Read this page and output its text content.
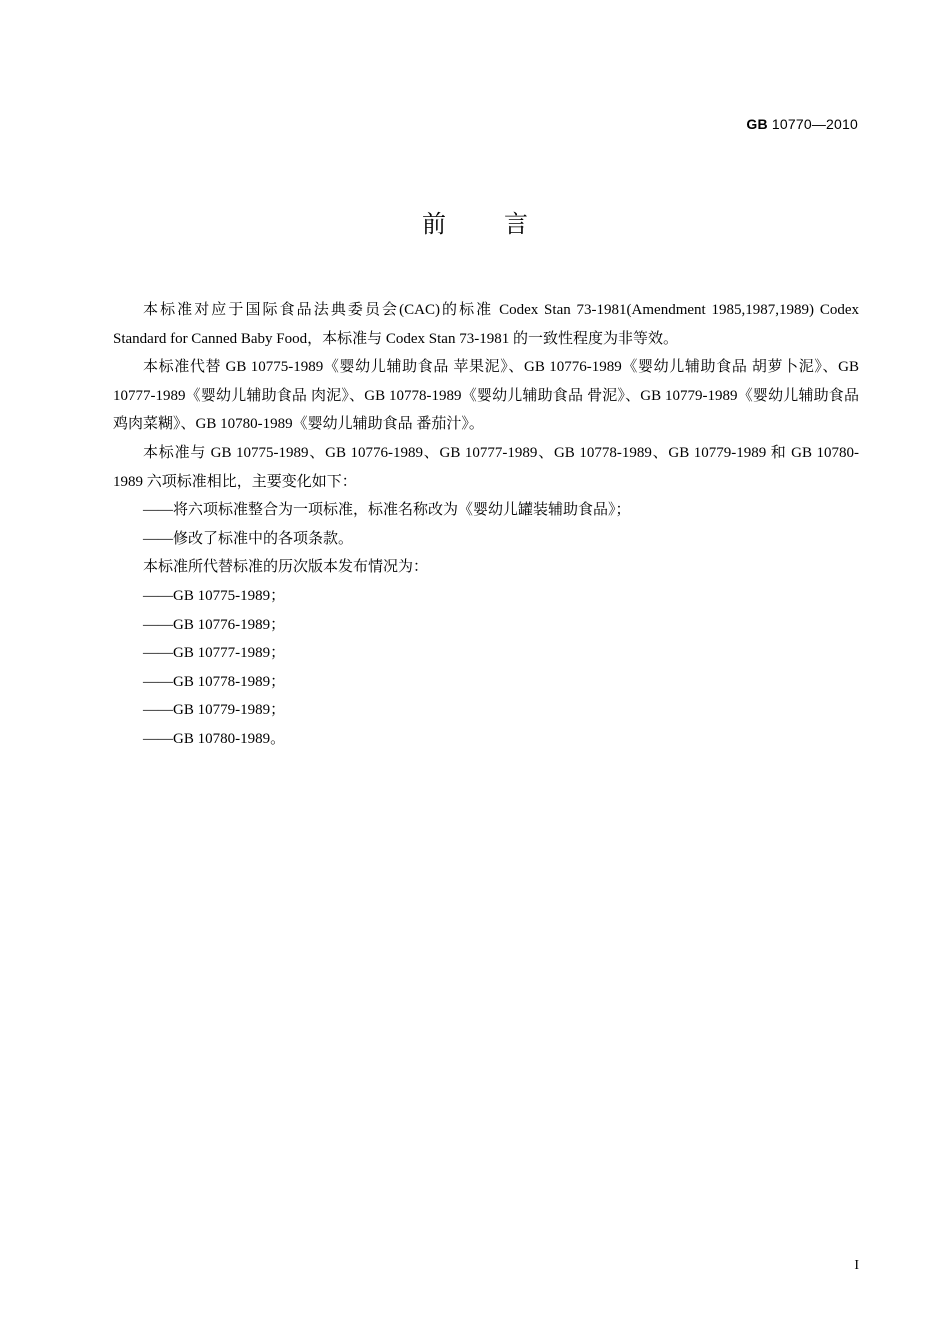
GB 10770—2010
前言

本标准对应于国际食品法典委员会(CAC)的标准 Codex Stan 73-1981(Amendment 1985,1987,1989) Codex Standard for Canned Baby Food，本标准与 Codex Stan 73-1981 的一致性程度为非等效。

本标准代替 GB 10775-1989《婴幼儿辅助食品 苹果泥》、GB 10776-1989《婴幼儿辅助食品 胡萝卜泥》、GB 10777-1989《婴幼儿辅助食品 肉泥》、GB 10778-1989《婴幼儿辅助食品 骨泥》、GB 10779-1989《婴幼儿辅助食品 鸡肉菜糊》、GB 10780-1989《婴幼儿辅助食品 番茄汁》。

本标准与 GB 10775-1989、GB 10776-1989、GB 10777-1989、GB 10778-1989、GB 10779-1989 和 GB 10780-1989 六项标准相比，主要变化如下：

——将六项标准整合为一项标准，标准名称改为《婴幼儿罐装辅助食品》；
——修改了标准中的各项条款。

本标准所代替标准的历次版本发布情况为：

——GB 10775-1989；
——GB 10776-1989；
——GB 10777-1989；
——GB 10778-1989；
——GB 10779-1989；
——GB 10780-1989。
I
